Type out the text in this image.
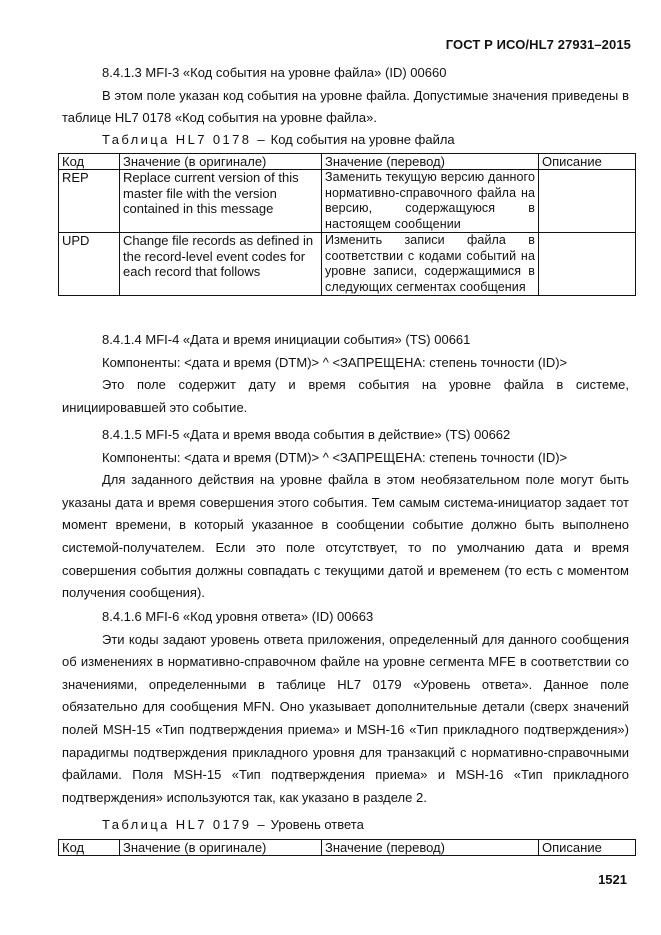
ГОСТ Р ИСО/HL7 27931–2015

8.4.1.3 MFI-3 «Код события на уровне файла» (ID) 00660

В этом поле указан код события на уровне файла. Допустимые значения приведены в таблице HL7 0178 «Код события на уровне файла».

Таблица HL7 0178 – Код события на уровне файла
Код	Значение (в оригинале)	Значение (перевод)	Описание
REP	Replace current version of this master file with the version contained in this message	Заменить текущую версию данного нормативно-справочного файла на версию, содержащуюся в настоящем сообщении	
UPD	Change file records as defined in the record-level event codes for each record that follows	Изменить записи файла в соответствии с кодами событий на уровне записи, содержащимися в следующих сегментах сообщения	

8.4.1.4 MFI-4 «Дата и время инициации события» (TS) 00661

Компоненты: <дата и время (DTM)> ^ <ЗАПРЕЩЕНА: степень точности (ID)>

Это поле содержит дату и время события на уровне файла в системе, инициировавшей это событие.

8.4.1.5 MFI-5 «Дата и время ввода события в действие» (TS) 00662

Компоненты: <дата и время (DTM)> ^ <ЗАПРЕЩЕНА: степень точности (ID)>

Для заданного действия на уровне файла в этом необязательном поле могут быть указаны дата и время совершения этого события. Тем самым система-инициатор задает тот момент времени, в который указанное в сообщении событие должно быть выполнено системой-получателем. Если это поле отсутствует, то по умолчанию дата и время совершения события должны совпадать с текущими датой и временем (то есть с моментом получения сообщения).

8.4.1.6 MFI-6 «Код уровня ответа» (ID) 00663

Эти коды задают уровень ответа приложения, определенный для данного сообщения об изменениях в нормативно-справочном файле на уровне сегмента MFE в соответствии со значениями, определенными в таблице HL7 0179 «Уровень ответа». Данное поле обязательно для сообщения MFN. Оно указывает дополнительные детали (сверх значений полей MSH-15 «Тип подтверждения приема» и MSH-16 «Тип прикладного подтверждения») парадигмы подтверждения прикладного уровня для транзакций с нормативно-справочными файлами. Поля MSH-15 «Тип подтверждения приема» и MSH-16 «Тип прикладного подтверждения» используются так, как указано в разделе 2.

Таблица HL7 0179 – Уровень ответа
Код	Значение (в оригинале)	Значение (перевод)	Описание
1521
